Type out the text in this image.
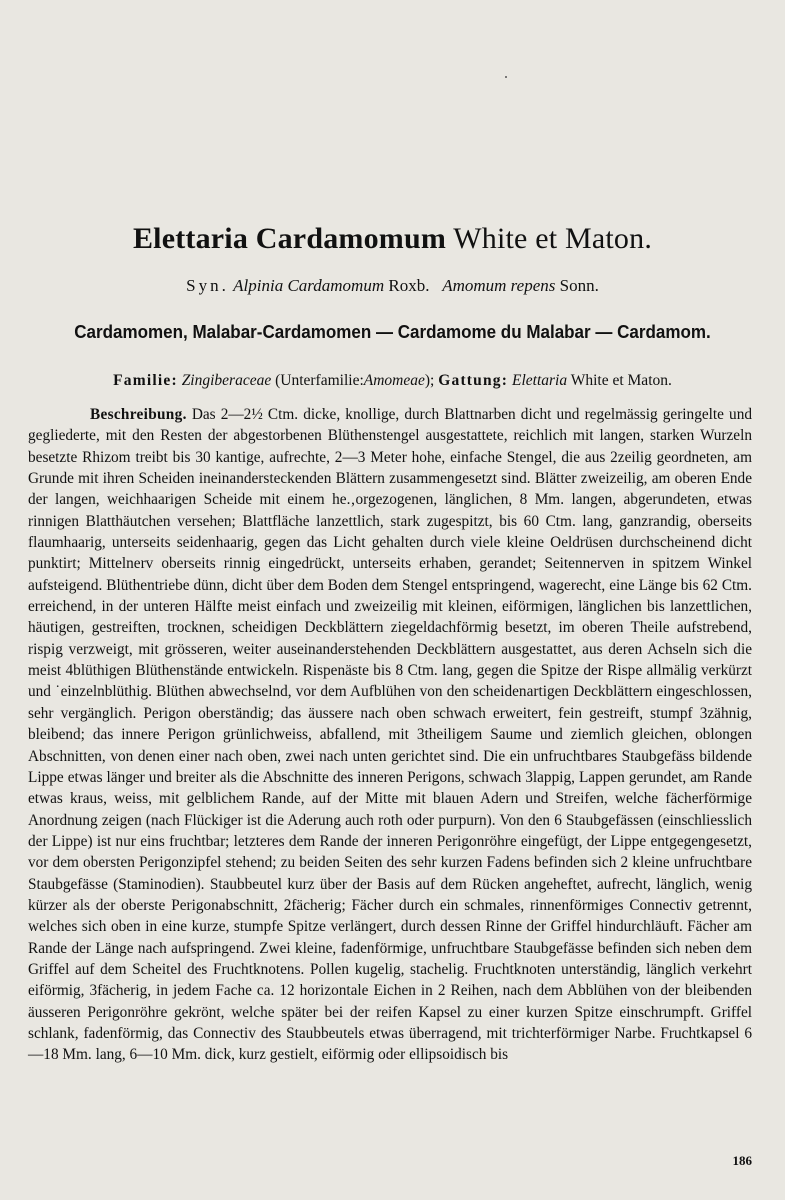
Elettaria Cardamomum White et Maton.
Syn. Alpinia Cardamomum Roxb. Amomum repens Sonn.
Cardamomen, Malabar-Cardamomen — Cardamome du Malabar — Cardamom.
Familie: Zingiberaceae (Unterfamilie:Amomeae); Gattung: Elettaria White et Maton.
Beschreibung. Das 2—2½ Ctm. dicke, knollige, durch Blattnarben dicht und regelmässig geringelte und gegliederte, mit den Resten der abgestorbenen Blüthenstengel ausgestattete, reichlich mit langen, starken Wurzeln besetzte Rhizom treibt bis 30 kantige, aufrechte, 2—3 Meter hohe, einfache Stengel, die aus 2zeilig geordneten, am Grunde mit ihren Scheiden ineinandersteckenden Blättern zusammengesetzt sind. Blätter zweizeilig, am oberen Ende der langen, weichhaarigen Scheide mit einem he.‚orgezogenen, länglichen, 8 Mm. langen, abgerundeten, etwas rinnigen Blatthäutchen versehen; Blattfläche lanzettlich, stark zugespitzt, bis 60 Ctm. lang, ganzrandig, oberseits flaumhaarig, unterseits seidenhaarig, gegen das Licht gehalten durch viele kleine Oeldrüsen durchscheinend dicht punktirt; Mittelnerv oberseits rinnig eingedrückt, unterseits erhaben, gerandet; Seitennerven in spitzem Winkel aufsteigend. Blüthentriebe dünn, dicht über dem Boden dem Stengel entspringend, wagerecht, eine Länge bis 62 Ctm. erreichend, in der unteren Hälfte meist einfach und zweizeilig mit kleinen, eiförmigen, länglichen bis lanzettlichen, häutigen, gestreiften, trocknen, scheidigen Deckblättern ziegeldachförmig besetzt, im oberen Theile aufstrebend, rispig verzweigt, mit grösseren, weiter auseinanderstehenden Deckblättern ausgestattet, aus deren Achseln sich die meist 4blüthigen Blüthenstände entwickeln. Rispenäste bis 8 Ctm. lang, gegen die Spitze der Rispe allmälig verkürzt und ˙einzelnblüthig. Blüthen abwechselnd, vor dem Aufblühen von den scheidenartigen Deckblättern eingeschlossen, sehr vergänglich. Perigon oberständig; das äussere nach oben schwach erweitert, fein gestreift, stumpf 3zähnig, bleibend; das innere Perigon grünlichweiss, abfallend, mit 3theiligem Saume und ziemlich gleichen, oblongen Abschnitten, von denen einer nach oben, zwei nach unten gerichtet sind. Die ein unfruchtbares Staubgefäss bildende Lippe etwas länger und breiter als die Abschnitte des inneren Perigons, schwach 3lappig, Lappen gerundet, am Rande etwas kraus, weiss, mit gelblichem Rande, auf der Mitte mit blauen Adern und Streifen, welche fächerförmige Anordnung zeigen (nach Flückiger ist die Aderung auch roth oder purpurn). Von den 6 Staubgefässen (einschliesslich der Lippe) ist nur eins fruchtbar; letzteres dem Rande der inneren Perigonröhre eingefügt, der Lippe entgegengesetzt, vor dem obersten Perigonzipfel stehend; zu beiden Seiten des sehr kurzen Fadens befinden sich 2 kleine unfruchtbare Staubgefässe (Staminodien). Staubbeutel kurz über der Basis auf dem Rücken angeheftet, aufrecht, länglich, wenig kürzer als der oberste Perigonabschnitt, 2fächerig; Fächer durch ein schmales, rinnenförmiges Connectiv getrennt, welches sich oben in eine kurze, stumpfe Spitze verlängert, durch dessen Rinne der Griffel hindurchläuft. Fächer am Rande der Länge nach aufspringend. Zwei kleine, fadenförmige, unfruchtbare Staubgefässe befinden sich neben dem Griffel auf dem Scheitel des Fruchtknotens. Pollen kugelig, stachelig. Fruchtknoten unterständig, länglich verkehrt eiförmig, 3fächerig, in jedem Fache ca. 12 horizontale Eichen in 2 Reihen, nach dem Abblühen von der bleibenden äusseren Perigonröhre gekrönt, welche später bei der reifen Kapsel zu einer kurzen Spitze einschrumpft. Griffel schlank, fadenförmig, das Connectiv des Staubbeutels etwas überragend, mit trichterförmiger Narbe. Fruchtkapsel 6—18 Mm. lang, 6—10 Mm. dick, kurz gestielt, eiförmig oder ellipsoidisch bis
186
